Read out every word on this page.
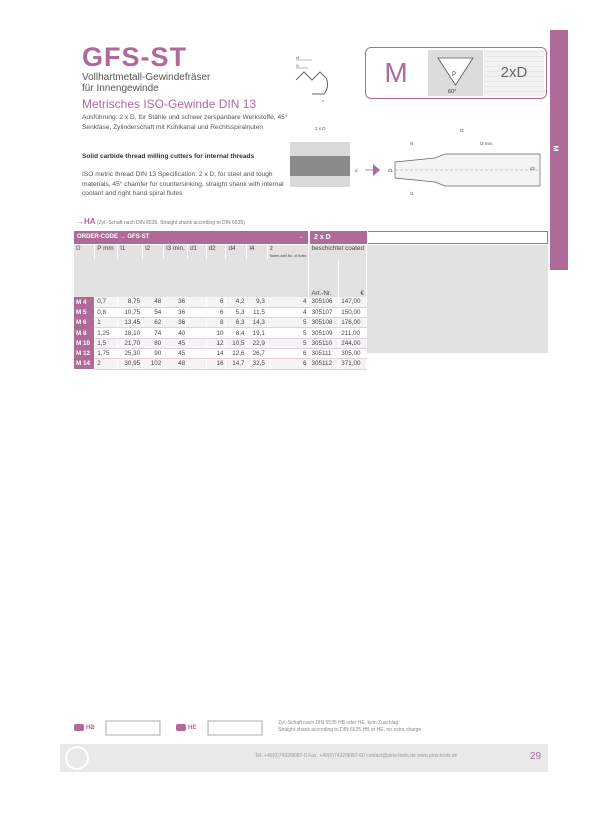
GFS-ST
Vollhartmetall-Gewindefräser
für Innengewinde
Metrisches ISO-Gewinde DIN 13
Ausführung: 2 x D, für Stähle und schwer zerspanbare Werkstoffe, 45° Senkfase, Zylinderschaft mit Kühlkanal und Rechtsspiralnuten
Solid carbide thread milling cutters for internal threads
ISO metric thread DIN 13 Specification: 2 x D, for steel and tough materials, 45° chamfer for countersinking, straight shank with internal coolant and right hand spiral flutes
→HA (Zyl.-Schaft nach DIN 6535, Straight shank according to DIN 6535)
M
l4
l1
x
M	P
60°
2xD
2 x D	l2
l3 min.
l4
l1
d2
d1
d
ORDER-CODE → GFS-ST	→	2 x D
D	P mm	l1	l2	l3 min.	d1	d2	d4	l4	z
Nuten-zahl No. of flutes	beschichtet coated	
										Art.-Nr.	€
M 4	0,7	8,75	48	36		6	4,2	9,3	4	305106	147,00
M 5	0,8	10,75	54	36		6	5,3	11,5	4	305107	150,00
M 6	1	13,45	62	36		8	6,3	14,3	5	305108	176,00
M 8	1,25	18,10	74	40		10	8,4	19,1	5	305109	211,00
M 10	1,5	21,70	80	45		12	10,5	22,9	5	305110	244,00
M 12	1,75	25,30	90	45		14	12,6	26,7	6	305111	305,00
M 14	2	30,95	102	48		16	14,7	32,5	6	305112	371,00
HB	HE
Zyl.-Schaft nach DIN 6535 HB oder HE, kein Zuschlag
Straight shank according to DIN 6535 HB or HE, no extra charge
Tel. +49(0)7432/9087-0 Fax. +49(0)7432/9087-60 contact@pins-tools.de www.pins-tools.de	29
